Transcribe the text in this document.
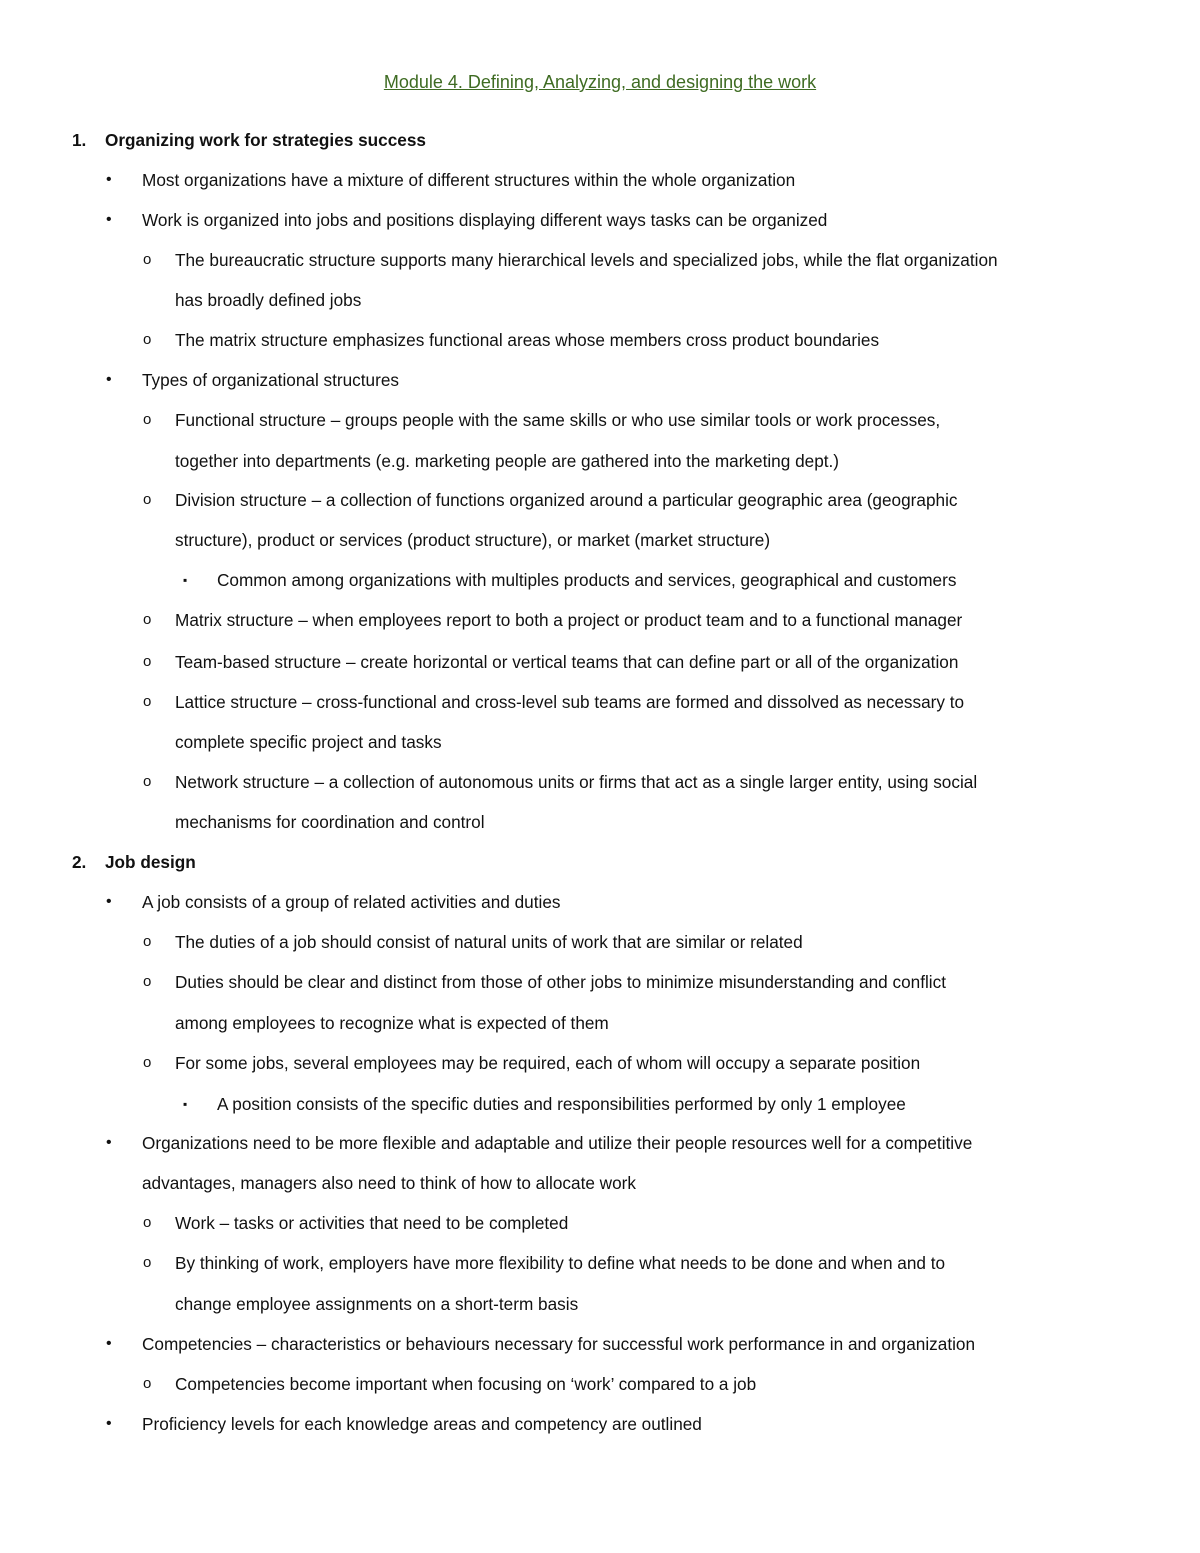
Module 4. Defining, Analyzing, and designing the work
1. Organizing work for strategies success
• Most organizations have a mixture of different structures within the whole organization
• Work is organized into jobs and positions displaying different ways tasks can be organized
o The bureaucratic structure supports many hierarchical levels and specialized jobs, while the flat organization
has broadly defined jobs
o The matrix structure emphasizes functional areas whose members cross product boundaries
• Types of organizational structures
o Functional structure – groups people with the same skills or who use similar tools or work processes,
together into departments (e.g. marketing people are gathered into the marketing dept.)
o Division structure – a collection of functions organized around a particular geographic area (geographic
structure), product or services (product structure), or market (market structure)
▪ Common among organizations with multiples products and services, geographical and customers
o Matrix structure – when employees report to both a project or product team and to a functional manager
o Team-based structure – create horizontal or vertical teams that can define part or all of the organization
o Lattice structure – cross-functional and cross-level sub teams are formed and dissolved as necessary to
complete specific project and tasks
o Network structure – a collection of autonomous units or firms that act as a single larger entity, using social
mechanisms for coordination and control
2. Job design
• A job consists of a group of related activities and duties
o The duties of a job should consist of natural units of work that are similar or related
o Duties should be clear and distinct from those of other jobs to minimize misunderstanding and conflict
among employees to recognize what is expected of them
o For some jobs, several employees may be required, each of whom will occupy a separate position
▪ A position consists of the specific duties and responsibilities performed by only 1 employee
• Organizations need to be more flexible and adaptable and utilize their people resources well for a competitive
advantages, managers also need to think of how to allocate work
o Work – tasks or activities that need to be completed
o By thinking of work, employers have more flexibility to define what needs to be done and when and to
change employee assignments on a short-term basis
• Competencies – characteristics or behaviours necessary for successful work performance in and organization
o Competencies become important when focusing on ‘work’ compared to a job
• Proficiency levels for each knowledge areas and competency are outlined
